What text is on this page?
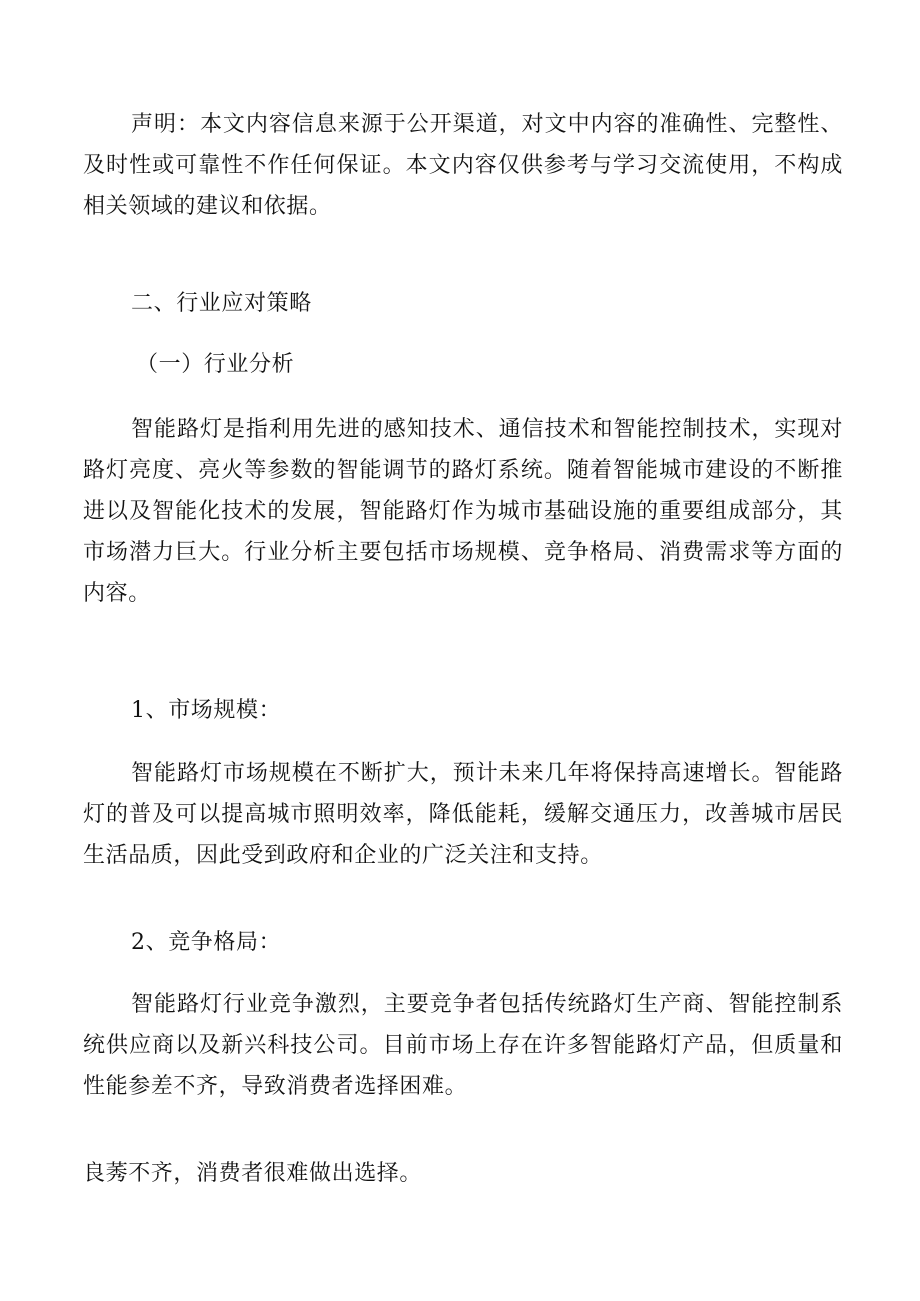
声明：本文内容信息来源于公开渠道，对文中内容的准确性、完整性、及时性或可靠性不作任何保证。本文内容仅供参考与学习交流使用，不构成相关领域的建议和依据。

二、行业应对策略

（一）行业分析

智能路灯是指利用先进的感知技术、通信技术和智能控制技术，实现对路灯亮度、亮火等参数的智能调节的路灯系统。随着智能城市建设的不断推进以及智能化技术的发展，智能路灯作为城市基础设施的重要组成部分，其市场潜力巨大。行业分析主要包括市场规模、竞争格局、消费需求等方面的内容。

1、市场规模：

智能路灯市场规模在不断扩大，预计未来几年将保持高速增长。智能路灯的普及可以提高城市照明效率，降低能耗，缓解交通压力，改善城市居民生活品质，因此受到政府和企业的广泛关注和支持。

2、竞争格局：

智能路灯行业竞争激烈，主要竞争者包括传统路灯生产商、智能控制系统供应商以及新兴科技公司。目前市场上存在许多智能路灯产品，但质量和性能参差不齐，导致消费者选择困难。

良莠不齐，消费者很难做出选择。
